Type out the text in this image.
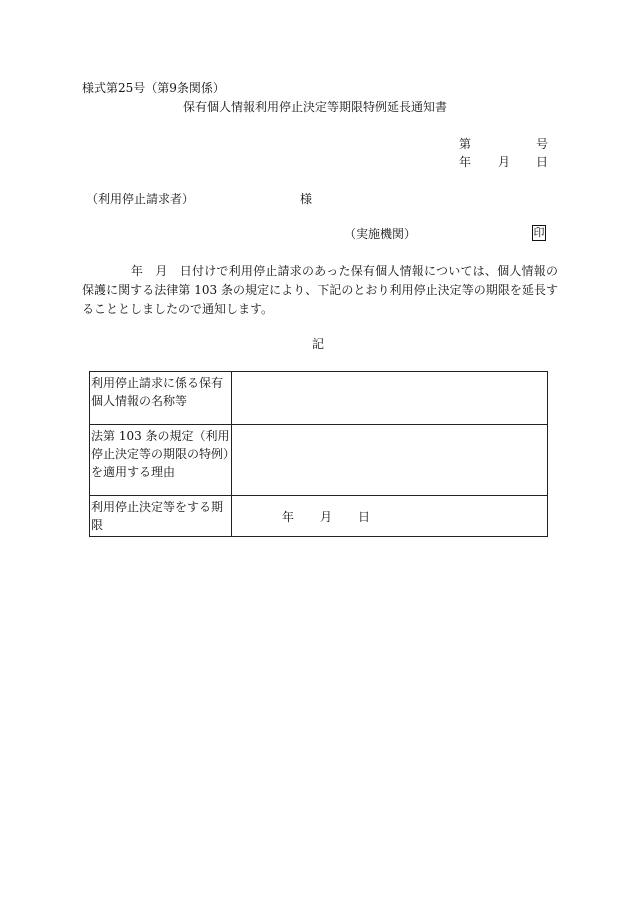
様式第25号（第9条関係）
保有個人情報利用停止決定等期限特例延長通知書
第	号
年 月 日
（利用停止請求者）	様
（実施機関）	印
　　　　年　月　日付けで利用停止請求のあった保有個人情報については、個人情報の保護に関する法律第 103 条の規定により、下記のとおり利用停止決定等の期限を延長することとしましたので通知します。
記
利用停止請求に係る保有個人情報の名称等	
法第 103 条の規定（利用停止決定等の期限の特例）を適用する理由	
利用停止決定等をする期限	年 月 日
